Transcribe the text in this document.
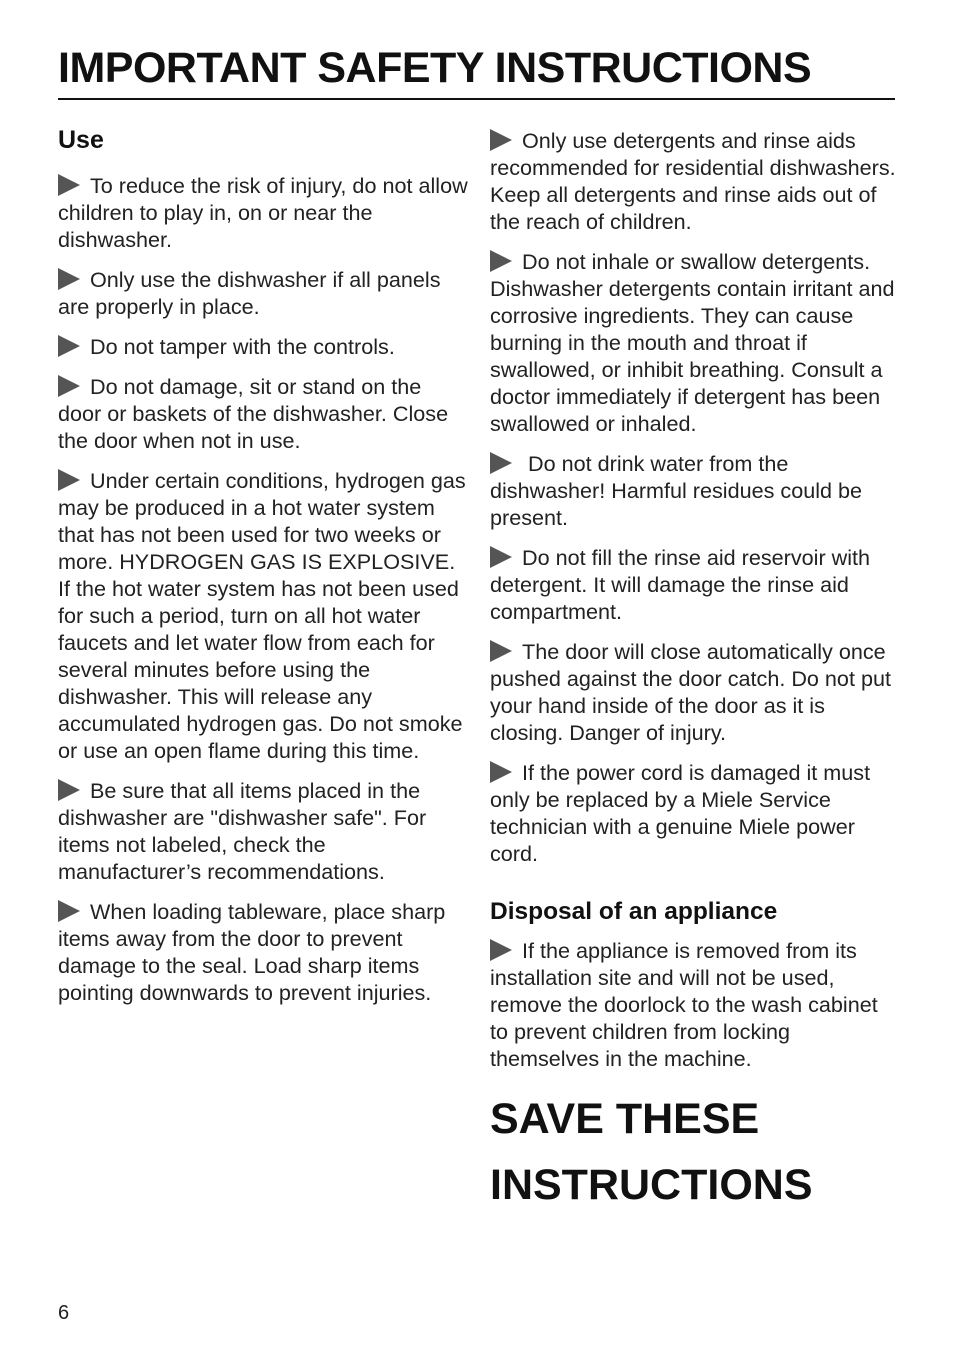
IMPORTANT SAFETY INSTRUCTIONS
Use

To reduce the risk of injury, do not allow children to play in, on or near the dishwasher.

Only use the dishwasher if all panels are properly in place.

Do not tamper with the controls.

Do not damage, sit or stand on the door or baskets of the dishwasher. Close the door when not in use.

Under certain conditions, hydrogen gas may be produced in a hot water system that has not been used for two weeks or more. HYDROGEN GAS IS EXPLOSIVE. If the hot water system has not been used for such a period, turn on all hot water faucets and let water flow from each for several minutes before using the dishwasher. This will release any accumulated hydrogen gas. Do not smoke or use an open flame during this time.

Be sure that all items placed in the dishwasher are "dishwasher safe". For items not labeled, check the manufacturer’s recommendations.

When loading tableware, place sharp items away from the door to prevent damage to the seal. Load sharp items pointing downwards to prevent injuries.

Only use detergents and rinse aids recommended for residential dishwashers. Keep all detergents and rinse aids out of the reach of children.

Do not inhale or swallow detergents. Dishwasher detergents contain irritant and corrosive ingredients. They can cause burning in the mouth and throat if swallowed, or inhibit breathing. Consult a doctor immediately if detergent has been swallowed or inhaled.

Do not drink water from the dishwasher! Harmful residues could be present.

Do not fill the rinse aid reservoir with detergent. It will damage the rinse aid compartment.

The door will close automatically once pushed against the door catch. Do not put your hand inside of the door as it is closing. Danger of injury.

If the power cord is damaged it must only be replaced by a Miele Service technician with a genuine Miele power cord.

Disposal of an appliance

If the appliance is removed from its installation site and will not be used, remove the doorlock to the wash cabinet to prevent children from locking themselves in the machine.

SAVE THESE
INSTRUCTIONS
6
